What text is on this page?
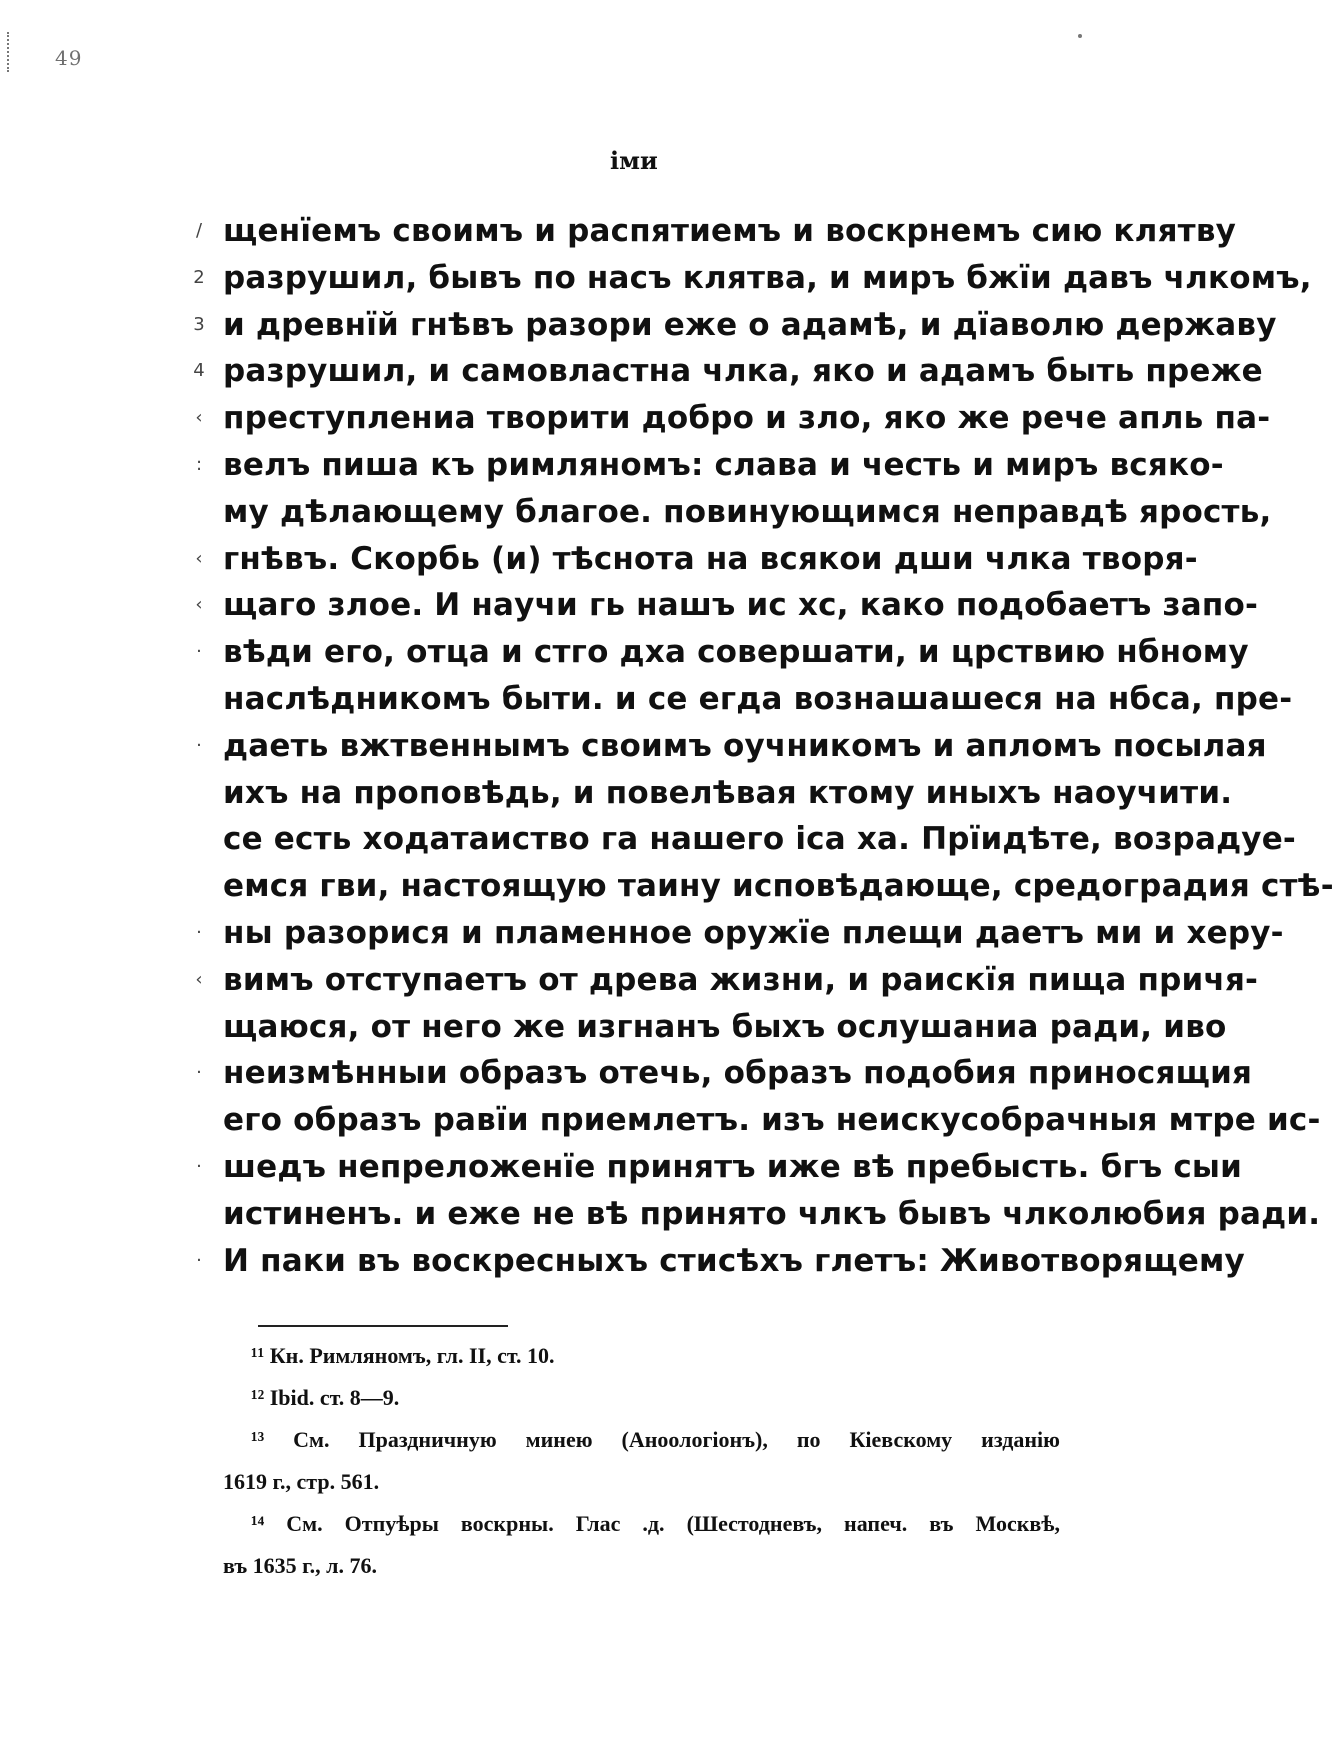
49
іми
/
2
3
4
‹
:
‹
‹
·
·
·
‹
·
·
·
щенїемъ своимъ и распятиемъ и воскрнемъ сию клятву
разрушил, бывъ по насъ клятва, и миръ бжїи давъ члкомъ,
и древнїй гнѣвъ разори еже о адамѣ, и дїаволю державу
разрушил, и самовластна члка, яко и адамъ быть преже
преступлениа творити добро и зло, яко же рече апль па-
велъ пиша къ римляномъ: слава и честь и миръ всяко-
му дѣлающему благое. повинующимся неправдѣ ярость,
гнѣвъ. Скорбь (и) тѣснота на всякои дши члка творя-
щаго злое. И научи гь нашъ ис хс, како подобаетъ запо-
вѣди его, отца и стго дха совершати, и црствию нбному
наслѣдникомъ быти. и се егда вознашашеся на нбса, пре-
даеть вжтвеннымъ своимъ оучникомъ и апломъ посылая
ихъ на проповѣдь, и повелѣвая ктому иныхъ наоучити.
се есть ходатаиство га нашего іса ха. Прїидѣте, возрадуе-
емся гви, настоящую таину исповѣдающе, средоградия стѣ-
ны разорися и пламенное оружїе плещи даетъ ми и херу-
вимъ отступаетъ от древа жизни, и раискїя пища причя-
щаюся, от него же изгнанъ быхъ ослушаниа ради, иво
неизмѣнныи образъ отечь, образъ подобия приносящия
его образъ равїи приемлетъ. изъ неискусобрачныя мтре ис-
шедъ непреложенїе принятъ иже вѣ пребысть. бгъ сыи
истиненъ. и еже не вѣ принято члкъ бывъ члколюбия ради.
И паки въ воскресныхъ стисѣхъ глетъ: Животворящему
¹¹ Кн. Римляномъ, гл. II, ст. 10.
¹² Ibid. ст. 8—9.
¹³ См. Праздничную минею (Аноологіонъ), по Кіевскому изданію
1619 г., стр. 561.
¹⁴ См. Отпуѣры воскрны. Глас .д. (Шестодневъ, напеч. въ Москвѣ,
въ 1635 г., л. 76.
